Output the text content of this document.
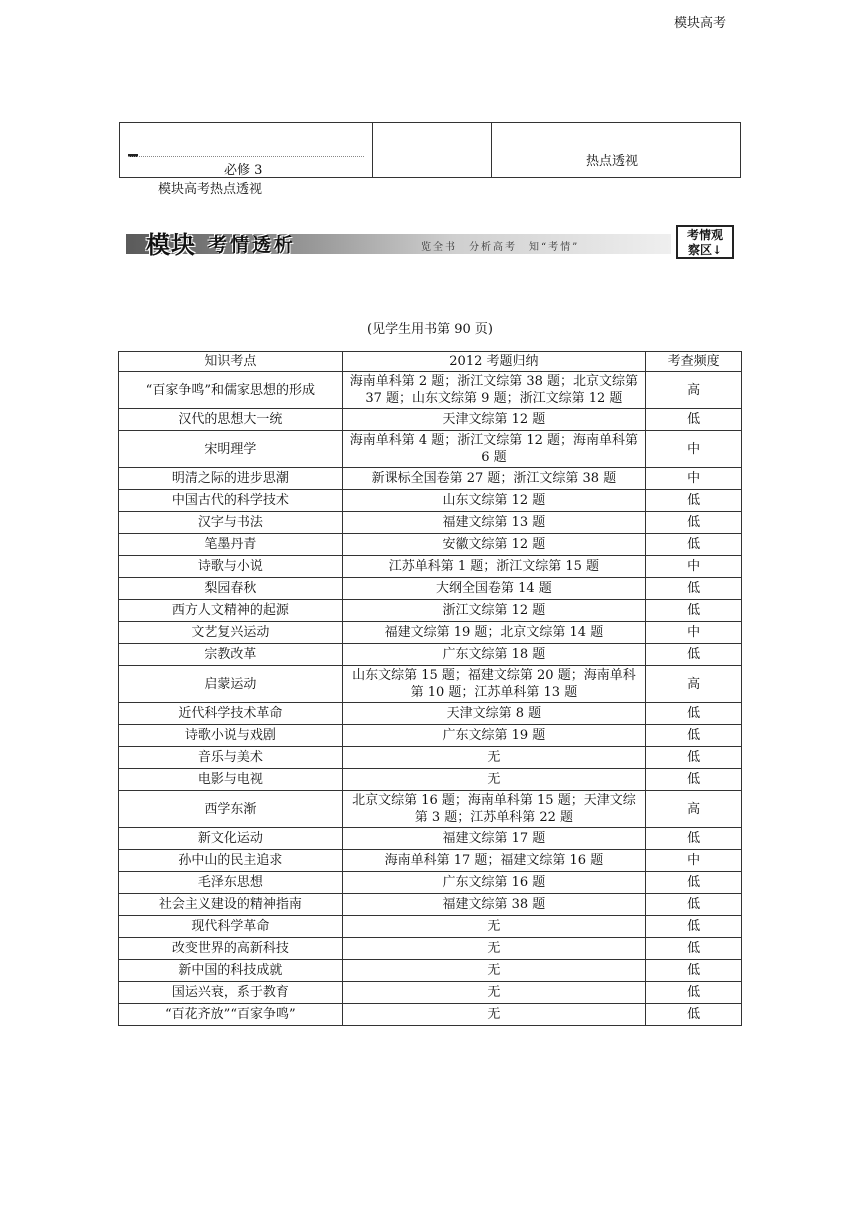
必修 3
模块高考
热点透视
模块高考热点透视
模块 考情透析	览全书　分析高考　知“考情”
考情观
察区↓
(见学生用书第 90 页)
知识考点	2012 考题归纳	考查频度
“百家争鸣”和儒家思想的形成	海南单科第 2 题；浙江文综第 38 题；北京文综第 37 题；山东文综第 9 题；浙江文综第 12 题	高
汉代的思想大一统	天津文综第 12 题	低
宋明理学	海南单科第 4 题；浙江文综第 12 题；海南单科第 6 题	中
明清之际的进步思潮	新课标全国卷第 27 题；浙江文综第 38 题	中
中国古代的科学技术	山东文综第 12 题	低
汉字与书法	福建文综第 13 题	低
笔墨丹青	安徽文综第 12 题	低
诗歌与小说	江苏单科第 1 题；浙江文综第 15 题	中
梨园春秋	大纲全国卷第 14 题	低
西方人文精神的起源	浙江文综第 12 题	低
文艺复兴运动	福建文综第 19 题；北京文综第 14 题	中
宗教改革	广东文综第 18 题	低
启蒙运动	山东文综第 15 题；福建文综第 20 题；海南单科第 10 题；江苏单科第 13 题	高
近代科学技术革命	天津文综第 8 题	低
诗歌小说与戏剧	广东文综第 19 题	低
音乐与美术	无	低
电影与电视	无	低
西学东渐	北京文综第 16 题；海南单科第 15 题；天津文综第 3 题；江苏单科第 22 题	高
新文化运动	福建文综第 17 题	低
孙中山的民主追求	海南单科第 17 题；福建文综第 16 题	中
毛泽东思想	广东文综第 16 题	低
社会主义建设的精神指南	福建文综第 38 题	低
现代科学革命	无	低
改变世界的高新科技	无	低
新中国的科技成就	无	低
国运兴衰，系于教育	无	低
“百花齐放”“百家争鸣”	无	低
